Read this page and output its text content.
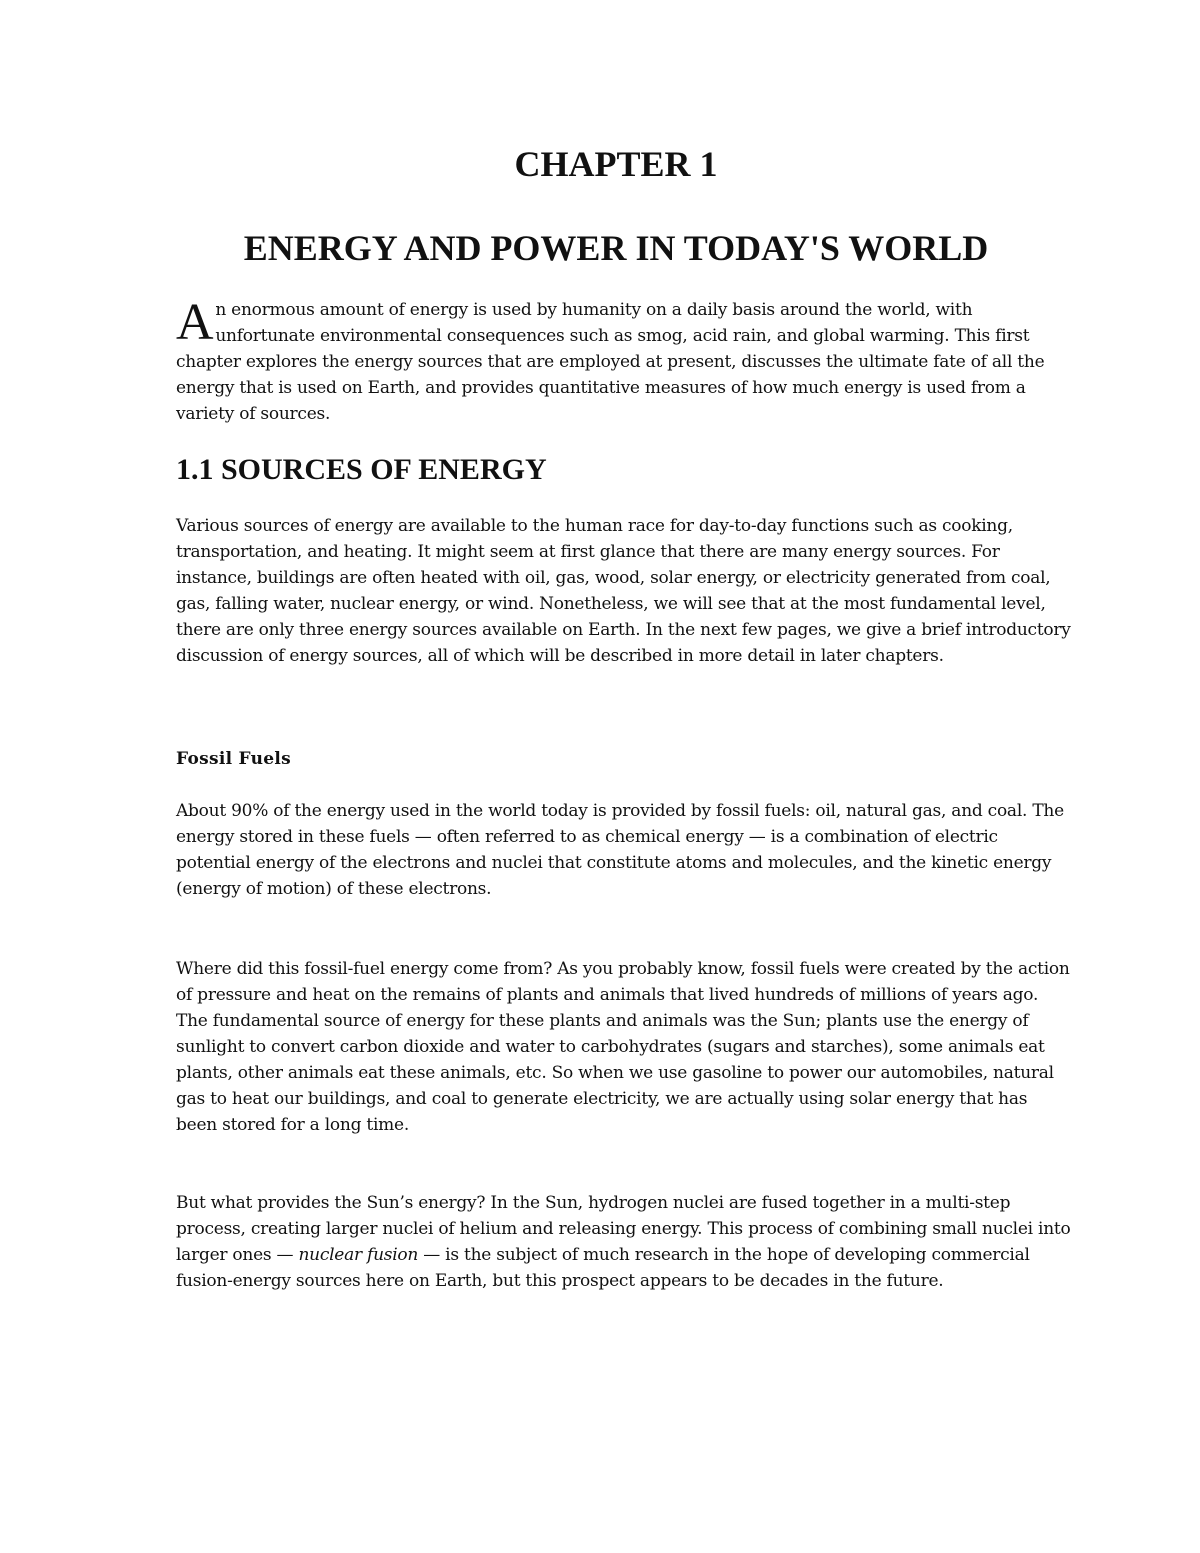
CHAPTER 1
ENERGY AND POWER IN TODAY'S WORLD

An enormous amount of energy is used by humanity on a daily basis around the world, with unfortunate environmental consequences such as smog, acid rain, and global warming. This first chapter explores the energy sources that are employed at present, discusses the ultimate fate of all the energy that is used on Earth, and provides quantitative measures of how much energy is used from a variety of sources.

1.1 SOURCES OF ENERGY

Various sources of energy are available to the human race for day-to-day functions such as cooking, transportation, and heating. It might seem at first glance that there are many energy sources. For instance, buildings are often heated with oil, gas, wood, solar energy, or electricity generated from coal, gas, falling water, nuclear energy, or wind. Nonetheless, we will see that at the most fundamental level, there are only three energy sources available on Earth. In the next few pages, we give a brief introductory discussion of energy sources, all of which will be described in more detail in later chapters.

Fossil Fuels

About 90% of the energy used in the world today is provided by fossil fuels: oil, natural gas, and coal. The energy stored in these fuels — often referred to as chemical energy — is a combination of electric potential energy of the electrons and nuclei that constitute atoms and molecules, and the kinetic energy (energy of motion) of these electrons.

Where did this fossil-fuel energy come from? As you probably know, fossil fuels were created by the action of pressure and heat on the remains of plants and animals that lived hundreds of millions of years ago. The fundamental source of energy for these plants and animals was the Sun; plants use the energy of sunlight to convert carbon dioxide and water to carbohydrates (sugars and starches), some animals eat plants, other animals eat these animals, etc. So when we use gasoline to power our automobiles, natural gas to heat our buildings, and coal to generate electricity, we are actually using solar energy that has been stored for a long time.

But what provides the Sun’s energy? In the Sun, hydrogen nuclei are fused together in a multi-step process, creating larger nuclei of helium and releasing energy. This process of combining small nuclei into larger ones — nuclear fusion — is the subject of much research in the hope of developing commercial fusion-energy sources here on Earth, but this prospect appears to be decades in the future.
